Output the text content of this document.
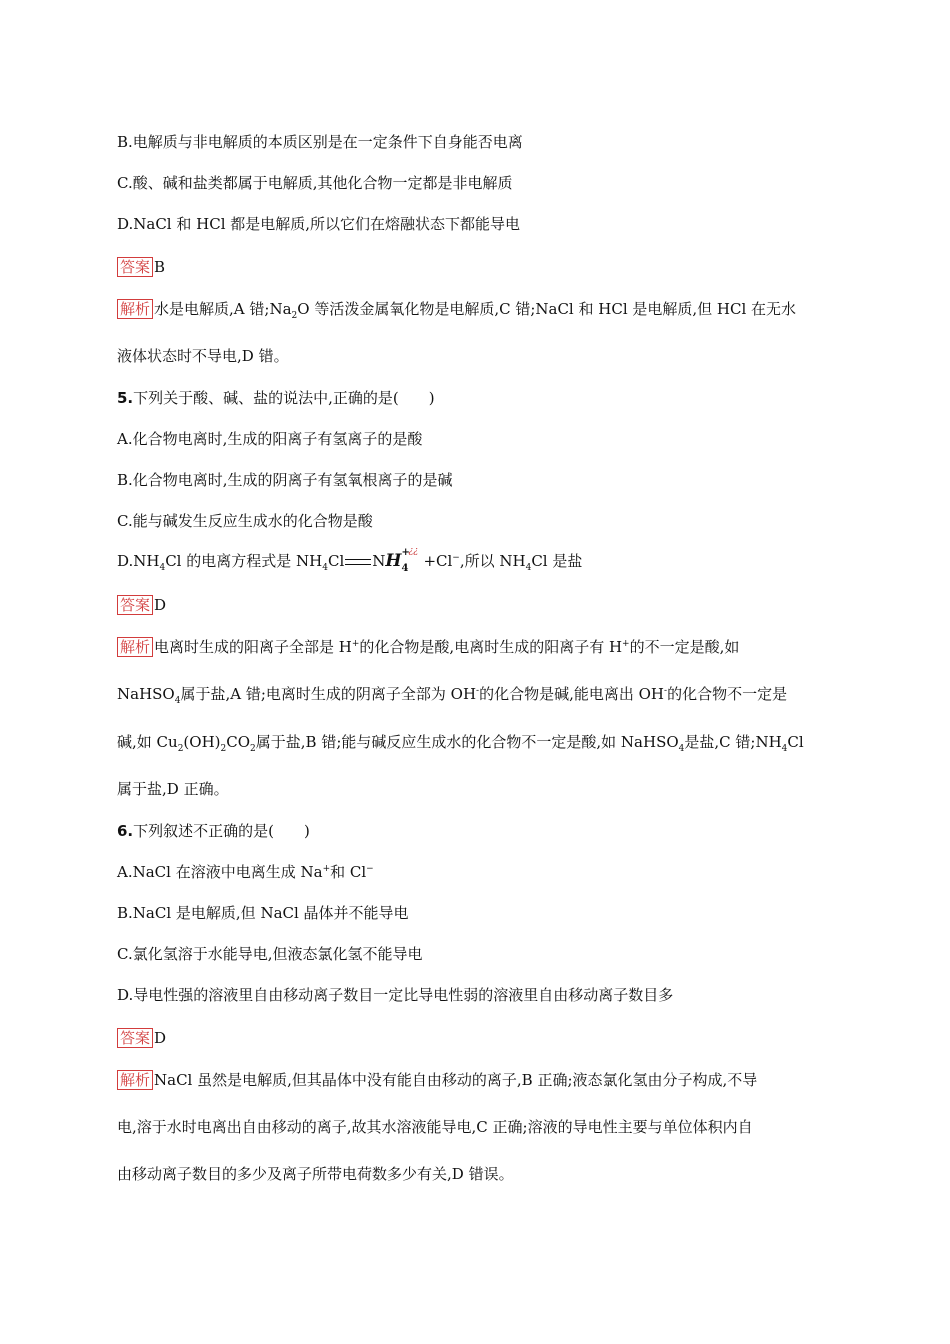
B.电解质与非电解质的本质区别是在一定条件下自身能否电离
C.酸、碱和盐类都属于电解质,其他化合物一定都是非电解质
D.NaCl 和 HCl 都是电解质,所以它们在熔融状态下都能导电
答案 B
解析 水是电解质,A 错$;Na_2O$ 等活泼金属氧化物是电解质,C 错;NaCl 和 HCl 是电解质,但 HCl 在无水
液体状态时不导电,D 错。
5.下列关于酸、碱、盐的说法中,正确的是(　　)
A.化合物电离时,生成的阳离子有氢离子的是酸
B.化合物电离时,生成的阴离子有氢氧根离子的是碱
C.能与碱发生反应生成水的化合物是酸
$D.NH_4Cl$ 的电离方程式是 $NH_4Cl$ NH +
¿¿
4 +Cl−,所以 $NH_4Cl$ 是盐
答案 D
解析 电离时生成的阳离子全部是 H+的化合物是酸,电离时生成的阳离子有 H+的不一定是酸,如
NaHSO$_4$属于盐,A 错;电离时生成的阴离子全部为 OH-的化合物是碱,能电离出 OH-的化合物不一定是
碱,如 $Cu_2(OH)_2CO_2$属于盐,B 错;能与碱反应生成水的化合物不一定是酸,如 NaHSO$_4$是盐,C 错$;NH_4Cl$
属于盐,D 正确。
6.下列叙述不正确的是(　　)
A.NaCl 在溶液中电离生成 Na+和 Cl−
B.NaCl 是电解质,但 NaCl 晶体并不能导电
C.氯化氢溶于水能导电,但液态氯化氢不能导电
D.导电性强的溶液里自由移动离子数目一定比导电性弱的溶液里自由移动离子数目多
答案 D
解析 NaCl 虽然是电解质,但其晶体中没有能自由移动的离子,B 正确;液态氯化氢由分子构成,不导
电,溶于水时电离出自由移动的离子,故其水溶液能导电,C 正确;溶液的导电性主要与单位体积内自
由移动离子数目的多少及离子所带电荷数多少有关,D 错误。
